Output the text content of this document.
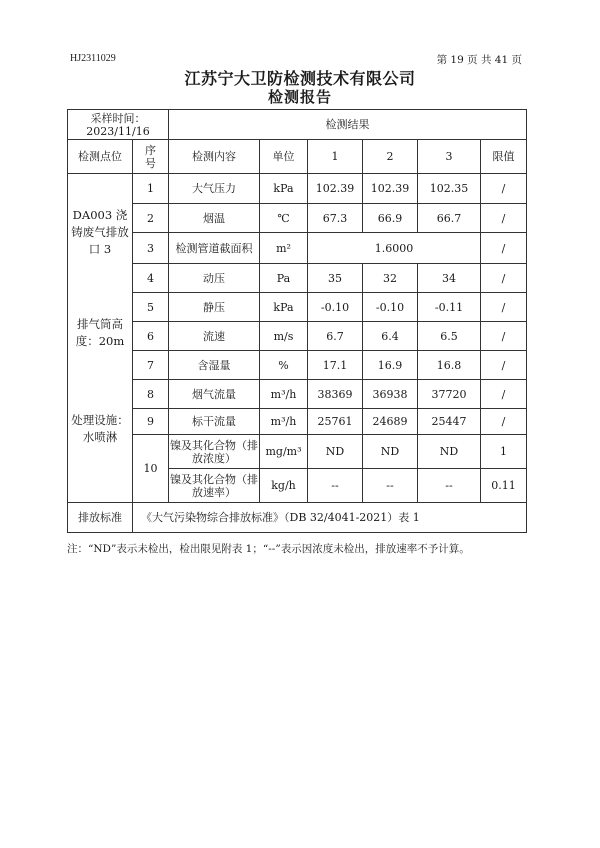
HJ2311029	第 19 页 共 41 页
江苏宁大卫防检测技术有限公司
检测报告
采样时间：
2023/11/16		检测结果					
检测点位	序号	检测内容	单位	1	2	3	限值

DA003 浇铸废气排放口 3
排气筒高度：20m
处理设施：水喷淋	1	大气压力	kPa	102.39	102.39	102.35	/
	2	烟温	℃	67.3	66.9	66.7	/
	3	检测管道截面积	m²	1.6000			/
	4	动压	Pa	35	32	34	/
	5	静压	kPa	-0.10	-0.10	-0.11	/
	6	流速	m/s	6.7	6.4	6.5	/
	7	含湿量	%	17.1	16.9	16.8	/
	8	烟气流量	m³/h	38369	36938	37720	/
	9	标干流量	m³/h	25761	24689	25447	/
	10	镍及其化合物（排放浓度）	mg/m³	ND	ND	ND	1
		镍及其化合物（排放速率）	kg/h	--	--	--	0.11
排放标准	《大气污染物综合排放标准》（DB 32/4041-2021）表 1						
注：“ND”表示未检出，检出限见附表 1；“--”表示因浓度未检出，排放速率不予计算。
